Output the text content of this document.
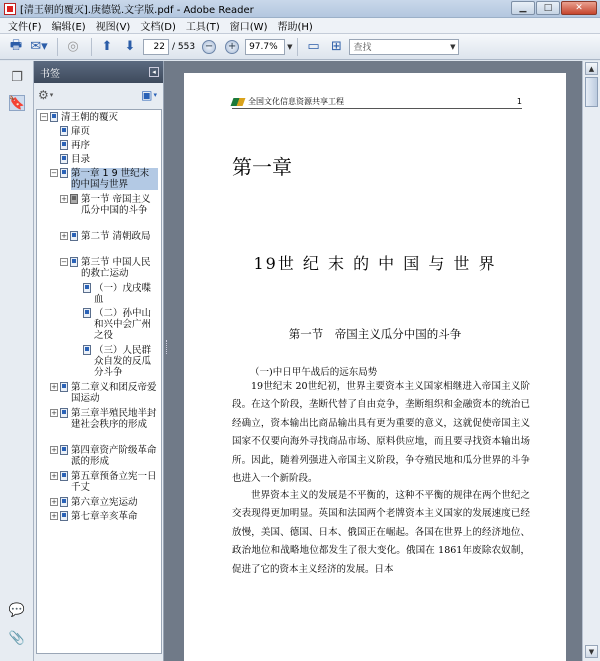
[清王朝的覆灭].庚德锐.文字版.pdf - Adobe Reader	▁	□	✕
文件(F) 编辑(E) 视图(V) 文档(D) 工具(T) 窗口(W) 帮助(H)
🖶 ✉▾	◎	⬆ ⬇	22 / 553 − +	97.7% ▼ ▭ ⊞	查找	▼
❐
🔖
💬
📎
书签	◂
⚙ ▾	▣ ▾
− 清王朝的覆灭
扉页
再序
目录
− 第一章 1 9 世纪末的中国与世界
+ 第一节 帝国主义瓜分中国的斗争
+ 第二节 清朝政局
− 第三节 中国人民的救亡运动
（一）戊戌喋血
（二）孙中山和兴中会广州之役
（三）人民群众自发的反瓜分斗争
+ 第二章义和团反帝爱国运动
+ 第三章半殖民地半封建社会秩序的形成
+ 第四章资产阶级革命派的形成
+ 第五章预备立宪一日千丈
+ 第六章立宪运动
+ 第七章辛亥革命
全国文化信息资源共享工程	1
第一章
19世 纪 末 的 中 国 与 世 界
第一节　帝国主义瓜分中国的斗争
（一)中日甲午战后的远东局势
19世纪末 20世纪初，世界主要资本主义国家相继进入帝国主义阶段。在这个阶段，垄断代替了自由竞争，垄断组织和金融资本的统治已经确立，资本输出比商品输出具有更为重要的意义，这就促使帝国主义国家不仅要向海外寻找商品市场、原料供应地，而且要寻找资本输出场所。因此，随着列强进入帝国主义阶段，争夺殖民地和瓜分世界的斗争也进入一个新阶段。
世界资本主义的发展是不平衡的，这种不平衡的规律在两个世纪之交表现得更加明显。英国和法国两个老牌资本主义国家的发展速度已经放慢，美国、德国、日本、俄国正在崛起。各国在世界上的经济地位、政治地位和战略地位都发生了很大变化。俄国在 1861年废除农奴制，促进了它的资本主义经济的发展。日本
▲
▼
